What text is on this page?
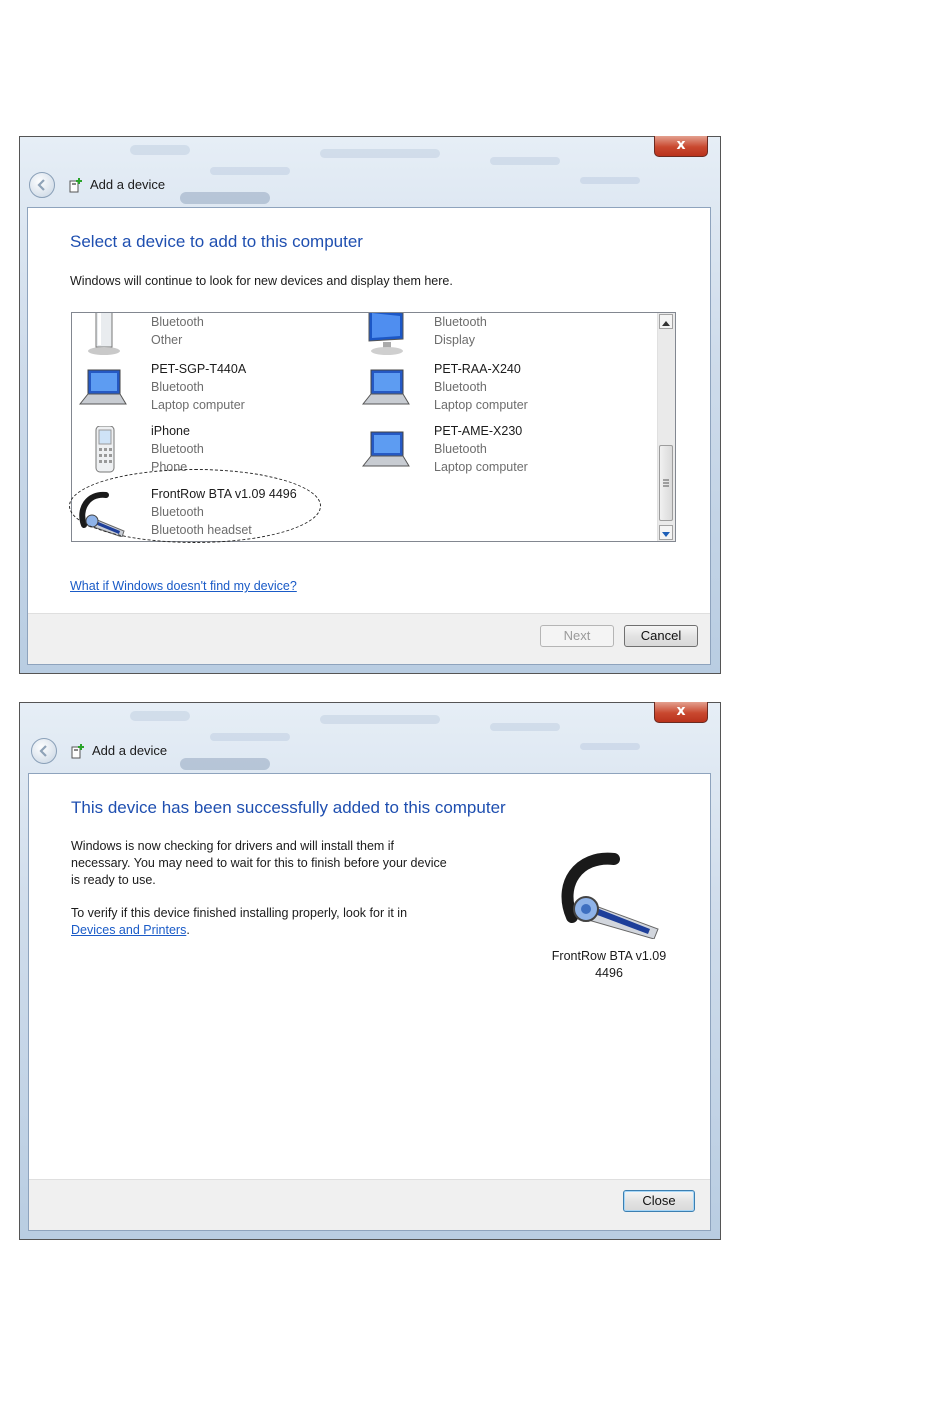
x
Add a device
Select a device to add to this computer
Windows will continue to look for new devices and display them here.
Bluetooth
Other
Bluetooth
Display
PET-SGP-T440A
Bluetooth
Laptop computer
PET-RAA-X240
Bluetooth
Laptop computer
iPhone
Bluetooth
Phone
PET-AME-X230
Bluetooth
Laptop computer
FrontRow BTA v1.09 4496
Bluetooth
Bluetooth headset
What if Windows doesn't find my device?
Next	Cancel
x
Add a device
This device has been successfully added to this computer
Windows is now checking for drivers and will install them if
necessary. You may need to wait for this to finish before your device
is ready to use.
To verify if this device finished installing properly, look for it in
Devices and Printers.
FrontRow BTA v1.09
4496
Close
